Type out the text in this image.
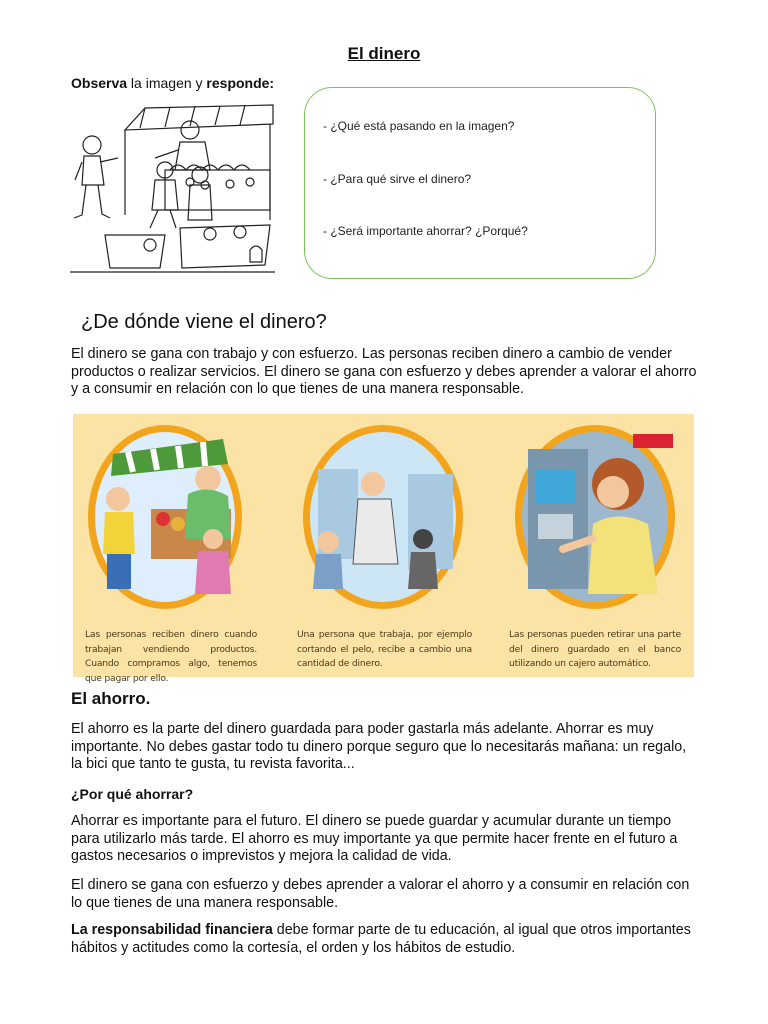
El dinero
Observa la imagen y responde:
- ¿Qué está pasando en la imagen?
- ¿Para qué sirve el dinero?
- ¿Será importante ahorrar? ¿Porqué?
¿De dónde viene el dinero?
El dinero se gana con trabajo y con esfuerzo. Las personas reciben dinero a cambio de vender productos o realizar servicios. El dinero se gana con esfuerzo y debes aprender a valorar el ahorro y a consumir en relación con lo que tienes de una manera responsable.
Las personas reciben dinero cuando trabajan vendiendo productos. Cuando compramos algo, tenemos que pagar por ello.
Una persona que trabaja, por ejemplo cortando el pelo, recibe a cambio una cantidad de dinero.
Las personas pueden retirar una parte del dinero guardado en el banco utilizando un cajero automático.
El ahorro.
El ahorro es la parte del dinero guardada para poder gastarla más adelante. Ahorrar es muy importante. No debes gastar todo tu dinero porque seguro que lo necesitarás mañana: un regalo, la bici que tanto te gusta, tu revista favorita...
¿Por qué ahorrar?
Ahorrar es importante para el futuro. El dinero se puede guardar y acumular durante un tiempo para utilizarlo más tarde. El ahorro es muy importante ya que permite hacer frente en el futuro a gastos necesarios o imprevistos y mejora la calidad de vida.
El dinero se gana con esfuerzo y debes aprender a valorar el ahorro y a consumir en relación con lo que tienes de una manera responsable.
La responsabilidad financiera debe formar parte de tu educación, al igual que otros importantes hábitos y actitudes como la cortesía, el orden y los hábitos de estudio.
